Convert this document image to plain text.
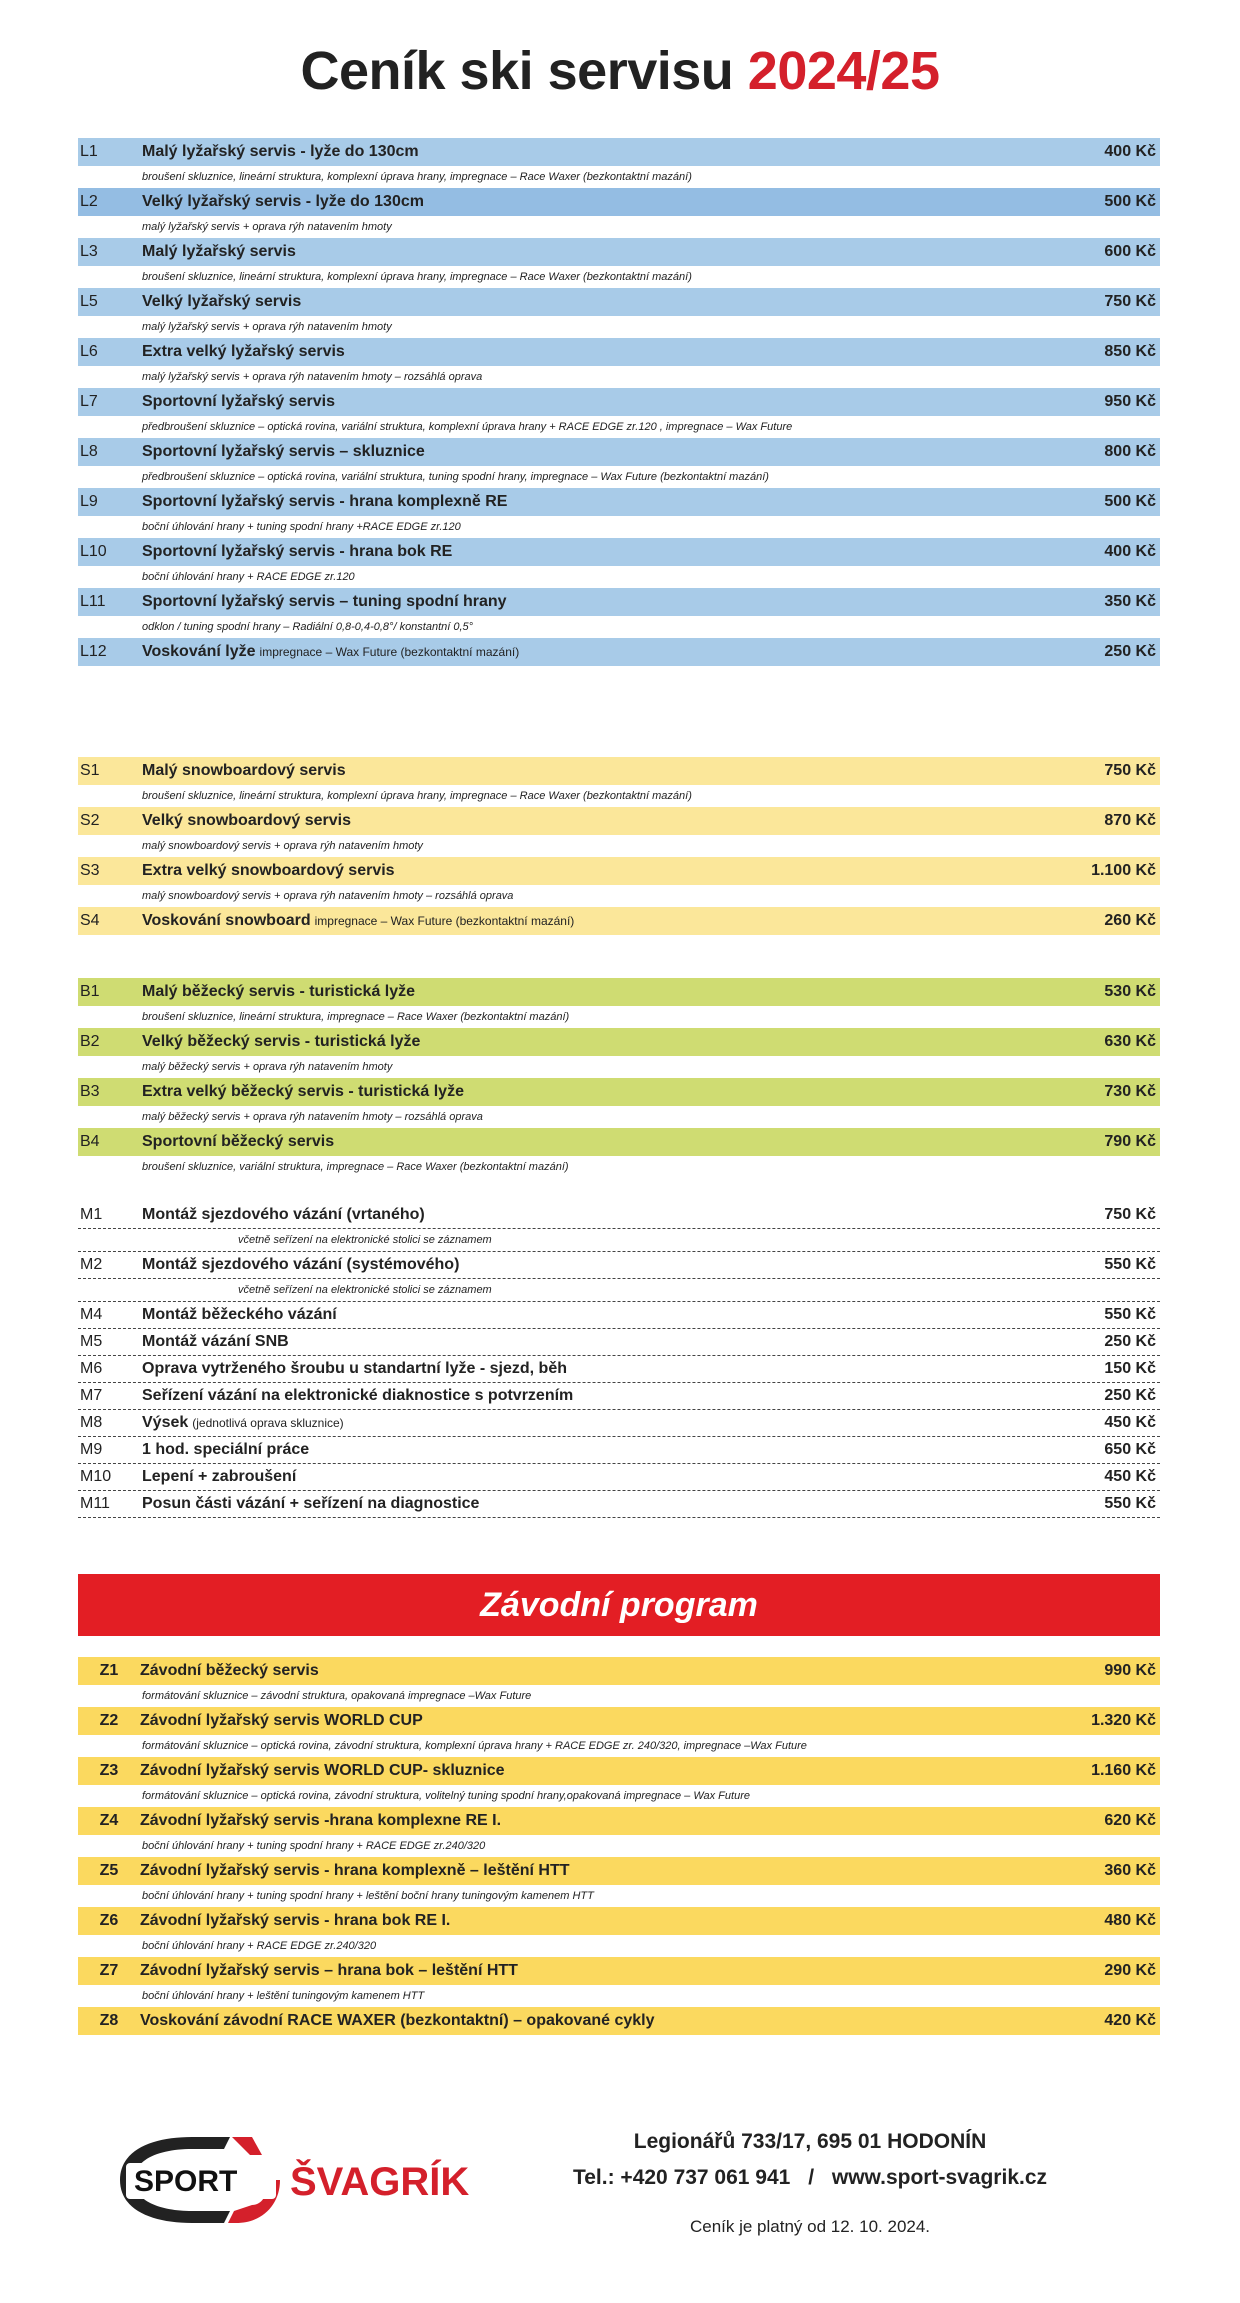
Ceník ski servisu 2024/25
L1	Malý lyžařský servis - lyže do 130cm	400 Kč
broušení skluznice, lineární struktura, komplexní úprava hrany, impregnace – Race Waxer (bezkontaktní mazání)
L2	Velký lyžařský servis - lyže do 130cm	500 Kč
malý lyžařský servis + oprava rýh natavením hmoty
L3	Malý lyžařský servis	600 Kč
broušení skluznice, lineární struktura, komplexní úprava hrany, impregnace – Race Waxer (bezkontaktní mazání)
L5	Velký lyžařský servis	750 Kč
malý lyžařský servis + oprava rýh natavením hmoty
L6	Extra velký lyžařský servis	850 Kč
malý lyžařský servis + oprava rýh natavením hmoty – rozsáhlá oprava
L7	Sportovní lyžařský servis	950 Kč
předbroušení skluznice – optická rovina, variální struktura, komplexní úprava hrany + RACE EDGE zr.120 , impregnace – Wax Future
L8	Sportovní lyžařský servis – skluznice	800 Kč
předbroušení skluznice – optická rovina, variální struktura, tuning spodní hrany, impregnace – Wax Future (bezkontaktní mazání)
L9	Sportovní lyžařský servis - hrana komplexně RE	500 Kč
boční úhlování hrany + tuning spodní hrany +RACE EDGE zr.120
L10	Sportovní lyžařský servis - hrana bok RE	400 Kč
boční úhlování hrany + RACE EDGE zr.120
L11	Sportovní lyžařský servis – tuning spodní hrany	350 Kč
odklon / tuning spodní hrany – Radiální 0,8-0,4-0,8°/ konstantní 0,5°
L12	Voskování lyže impregnace – Wax Future (bezkontaktní mazání)	250 Kč
S1	Malý snowboardový servis	750 Kč
broušení skluznice, lineární struktura, komplexní úprava hrany, impregnace – Race Waxer (bezkontaktní mazání)
S2	Velký snowboardový servis	870 Kč
malý snowboardový servis + oprava rýh natavením hmoty
S3	Extra velký snowboardový servis	1.100 Kč
malý snowboardový servis + oprava rýh natavením hmoty – rozsáhlá oprava
S4	Voskování snowboard impregnace – Wax Future (bezkontaktní mazání)	260 Kč
B1	Malý běžecký servis - turistická lyže	530 Kč
broušení skluznice, lineární struktura, impregnace – Race Waxer (bezkontaktní mazání)
B2	Velký běžecký servis - turistická lyže	630 Kč
malý běžecký servis + oprava rýh natavením hmoty
B3	Extra velký běžecký servis - turistická lyže	730 Kč
malý běžecký servis + oprava rýh natavením hmoty – rozsáhlá oprava
B4	Sportovní běžecký servis	790 Kč
broušení skluznice, variální struktura, impregnace – Race Waxer (bezkontaktní mazání)
M1	Montáž sjezdového vázání (vrtaného)	750 Kč
včetně seřízení na elektronické stolici se záznamem
M2	Montáž sjezdového vázání (systémového)	550 Kč
včetně seřízení na elektronické stolici se záznamem
M4	Montáž běžeckého vázání	550 Kč
M5	Montáž vázání SNB	250 Kč
M6	Oprava vytrženého šroubu u standartní lyže - sjezd, běh	150 Kč
M7	Seřízení vázání na elektronické diaknostice s potvrzením	250 Kč
M8	Výsek (jednotlivá oprava skluznice)	450 Kč
M9	1 hod. speciální práce	650 Kč
M10	Lepení + zabroušení	450 Kč
M11	Posun části vázání + seřízení na diagnostice	550 Kč
Závodní program
Z1	Závodní běžecký servis	990 Kč
formátování skluznice – závodní struktura, opakovaná impregnace –Wax Future
Z2	Závodní lyžařský servis WORLD CUP	1.320 Kč
formátování skluznice – optická rovina, závodní struktura, komplexní úprava hrany + RACE EDGE zr. 240/320, impregnace –Wax Future
Z3	Závodní lyžařský servis WORLD CUP- skluznice	1.160 Kč
formátování skluznice – optická rovina, závodní struktura, volitelný tuning spodní hrany,opakovaná impregnace – Wax Future
Z4	Závodní lyžařský servis -hrana komplexne RE I.	620 Kč
boční úhlování hrany + tuning spodní hrany + RACE EDGE zr.240/320
Z5	Závodní lyžařský servis - hrana komplexně – leštění HTT	360 Kč
boční úhlování hrany + tuning spodní hrany + leštění boční hrany tuningovým kamenem HTT
Z6	Závodní lyžařský servis - hrana bok RE I.	480 Kč
boční úhlování hrany + RACE EDGE zr.240/320
Z7	Závodní lyžařský servis – hrana bok – leštění HTT	290 Kč
boční úhlování hrany + leštění tuningovým kamenem HTT
Z8	Voskování závodní RACE WAXER (bezkontaktní) – opakované cykly	420 Kč
SPORT ŠVAGRÍK
Legionářů 733/17, 695 01 HODONÍN
Tel.: +420 737 061 941 / www.sport-svagrik.cz
Ceník je platný od 12. 10. 2024.
